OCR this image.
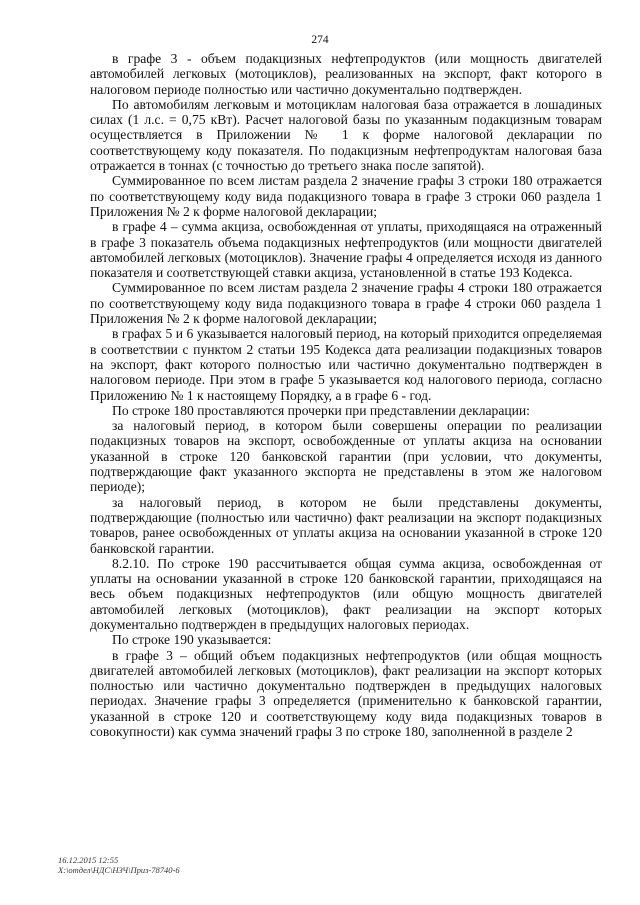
274

в графе 3 - объем подакцизных нефтепродуктов (или мощность двигателей автомобилей легковых (мотоциклов), реализованных на экспорт, факт которого в налоговом периоде полностью или частично документально подтвержден.

По автомобилям легковым и мотоциклам налоговая база отражается в лошадиных силах (1 л.с. = 0,75 кВт). Расчет налоговой базы по указанным подакцизным товарам осуществляется в Приложении № 1 к форме налоговой декларации по соответствующему коду показателя. По подакцизным нефтепродуктам налоговая база отражается в тоннах (с точностью до третьего знака после запятой).

Суммированное по всем листам раздела 2 значение графы 3 строки 180 отражается по соответствующему коду вида подакцизного товара в графе 3 строки 060 раздела 1 Приложения № 2 к форме налоговой декларации;

в графе 4 – сумма акциза, освобожденная от уплаты, приходящаяся на отраженный в графе 3 показатель объема подакцизных нефтепродуктов (или мощности двигателей автомобилей легковых (мотоциклов). Значение графы 4 определяется исходя из данного показателя и соответствующей ставки акциза, установленной в статье 193 Кодекса.

Суммированное по всем листам раздела 2 значение графы 4 строки 180 отражается по соответствующему коду вида подакцизного товара в графе 4 строки 060 раздела 1 Приложения № 2 к форме налоговой декларации;

в графах 5 и 6 указывается налоговый период, на который приходится определяемая в соответствии с пунктом 2 статьи 195 Кодекса дата реализации подакцизных товаров на экспорт, факт которого полностью или частично документально подтвержден в налоговом периоде. При этом в графе 5 указывается код налогового периода, согласно Приложению № 1 к настоящему Порядку, а в графе 6 - год.

По строке 180 проставляются прочерки при представлении декларации:

за налоговый период, в котором были совершены операции по реализации подакцизных товаров на экспорт, освобожденные от уплаты акциза на основании указанной в строке 120 банковской гарантии (при условии, что документы, подтверждающие факт указанного экспорта не представлены в этом же налоговом периоде);

за налоговый период, в котором не были представлены документы, подтверждающие (полностью или частично) факт реализации на экспорт подакцизных товаров, ранее освобожденных от уплаты акциза на основании указанной в строке 120 банковской гарантии.

8.2.10. По строке 190 рассчитывается общая сумма акциза, освобожденная от уплаты на основании указанной в строке 120 банковской гарантии, приходящаяся на весь объем подакцизных нефтепродуктов (или общую мощность двигателей автомобилей легковых (мотоциклов), факт реализации на экспорт которых документально подтвержден в предыдущих налоговых периодах.

По строке 190 указывается:

в графе 3 – общий объем подакцизных нефтепродуктов (или общая мощность двигателей автомобилей легковых (мотоциклов), факт реализации на экспорт которых полностью или частично документально подтвержден в предыдущих налоговых периодах. Значение графы 3 определяется (применительно к банковской гарантии, указанной в строке 120 и соответствующему коду вида подакцизных товаров в совокупности) как сумма значений графы 3 по строке 180, заполненной в разделе 2

16.12.2015 12:55
Х:\отдел\НДС\НЗЧ\Приз-78740-6
